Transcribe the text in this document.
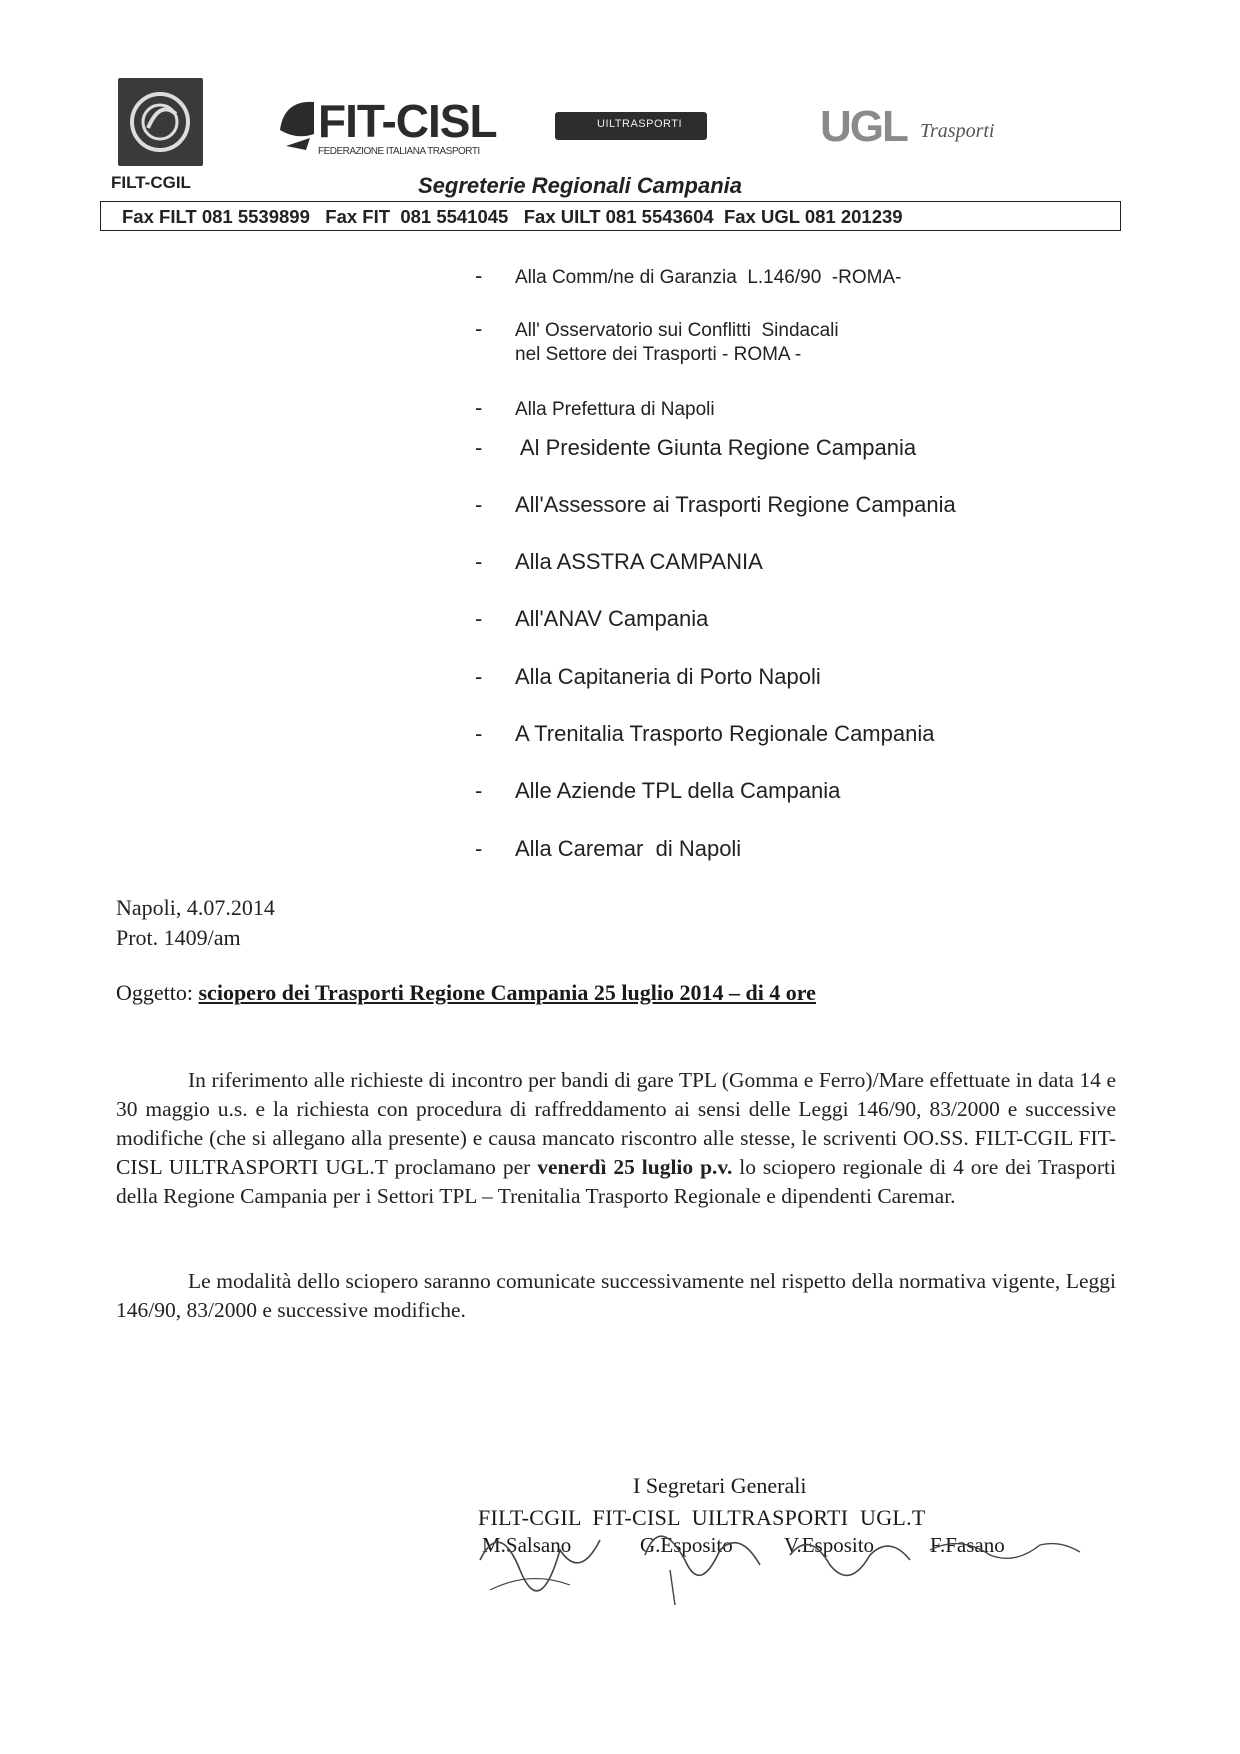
FILT-CGIL
FIT-CISL
FEDERAZIONE ITALIANA TRASPORTI
UILTRASPORTI	UGL Trasporti
Segreterie Regionali Campania
Fax FILT 081 5539899   Fax FIT  081 5541045   Fax UILT 081 5543604  Fax UGL 081 201239
- Alla Comm/ne di Garanzia  L.146/90  -ROMA-
- All' Osservatorio sui Conflitti  Sindacali
nel Settore dei Trasporti - ROMA -
- Alla Prefettura di Napoli
- Al Presidente Giunta Regione Campania
- All'Assessore ai Trasporti Regione Campania
- Alla ASSTRA CAMPANIA
- All'ANAV Campania
- Alla Capitaneria di Porto Napoli
- A Trenitalia Trasporto Regionale Campania
- Alle Aziende TPL della Campania
- Alla Caremar  di Napoli
Napoli, 4.07.2014
Prot. 1409/am
Oggetto: sciopero dei Trasporti Regione Campania 25 luglio 2014 – di 4 ore
In riferimento alle richieste di incontro per bandi di gare TPL (Gomma e Ferro)/Mare effettuate in data 14 e 30 maggio u.s. e la richiesta con procedura di raffreddamento ai sensi delle Leggi 146/90, 83/2000 e successive modifiche (che si allegano alla presente) e causa mancato riscontro alle stesse, le scriventi OO.SS. FILT-CGIL FIT-CISL UILTRASPORTI UGL.T proclamano per venerdì 25 luglio p.v. lo sciopero regionale di 4 ore dei Trasporti della Regione Campania per i Settori TPL – Trenitalia Trasporto Regionale e dipendenti Caremar.
Le modalità dello sciopero saranno comunicate successivamente nel rispetto della normativa vigente, Leggi 146/90, 83/2000 e successive modifiche.
I Segretari Generali
FILT-CGIL  FIT-CISL  UILTRASPORTI  UGL.T
M.Salsano	G.Esposito V.Esposito	F.Fasano
